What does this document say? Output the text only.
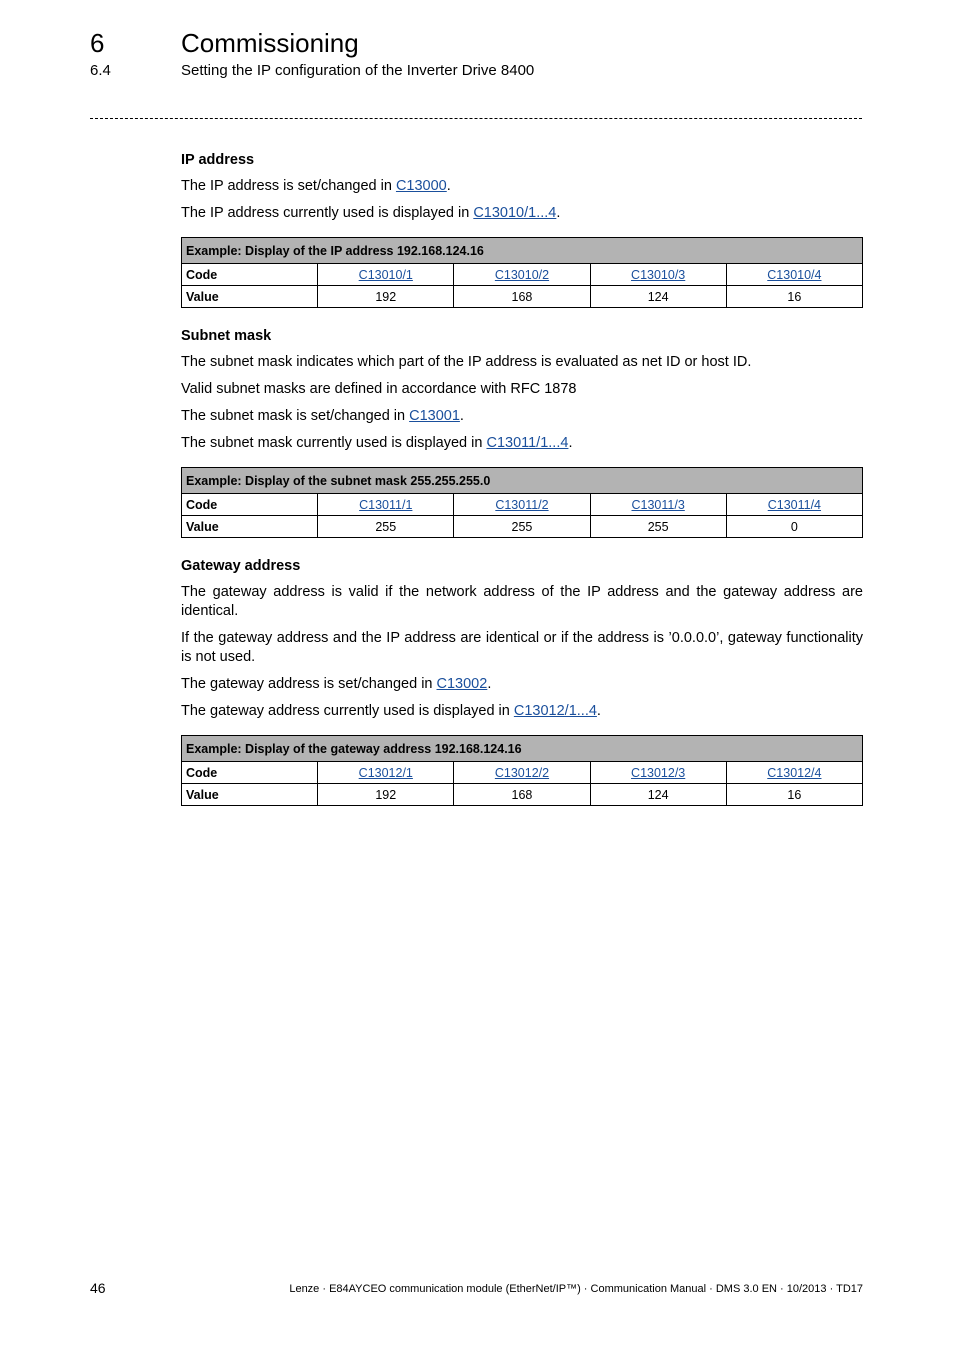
6	Commissioning
6.4	Setting the IP configuration of the Inverter Drive 8400
IP address

The IP address is set/changed in C13000.

The IP address currently used is displayed in C13010/1...4.

Example: Display of the IP address 192.168.124.16				
Code	C13010/1	C13010/2	C13010/3	C13010/4
Value	192	168	124	16
Subnet mask

The subnet mask indicates which part of the IP address is evaluated as net ID or host ID.

Valid subnet masks are defined in accordance with RFC 1878

The subnet mask is set/changed in C13001.

The subnet mask currently used is displayed in C13011/1...4.

Example: Display of the subnet mask 255.255.255.0				
Code	C13011/1	C13011/2	C13011/3	C13011/4
Value	255	255	255	0
Gateway address

The gateway address is valid if the network address of the IP address and the gateway address are identical.

If the gateway address and the IP address are identical or if the address is ’0.0.0.0’, gateway functionality is not used.

The gateway address is set/changed in C13002.

The gateway address currently used is displayed in C13012/1...4.

Example: Display of the gateway address 192.168.124.16				
Code	C13012/1	C13012/2	C13012/3	C13012/4
Value	192	168	124	16
46	Lenze · E84AYCEO communication module (EtherNet/IP™) · Communication Manual · DMS 3.0 EN · 10/2013 · TD17
